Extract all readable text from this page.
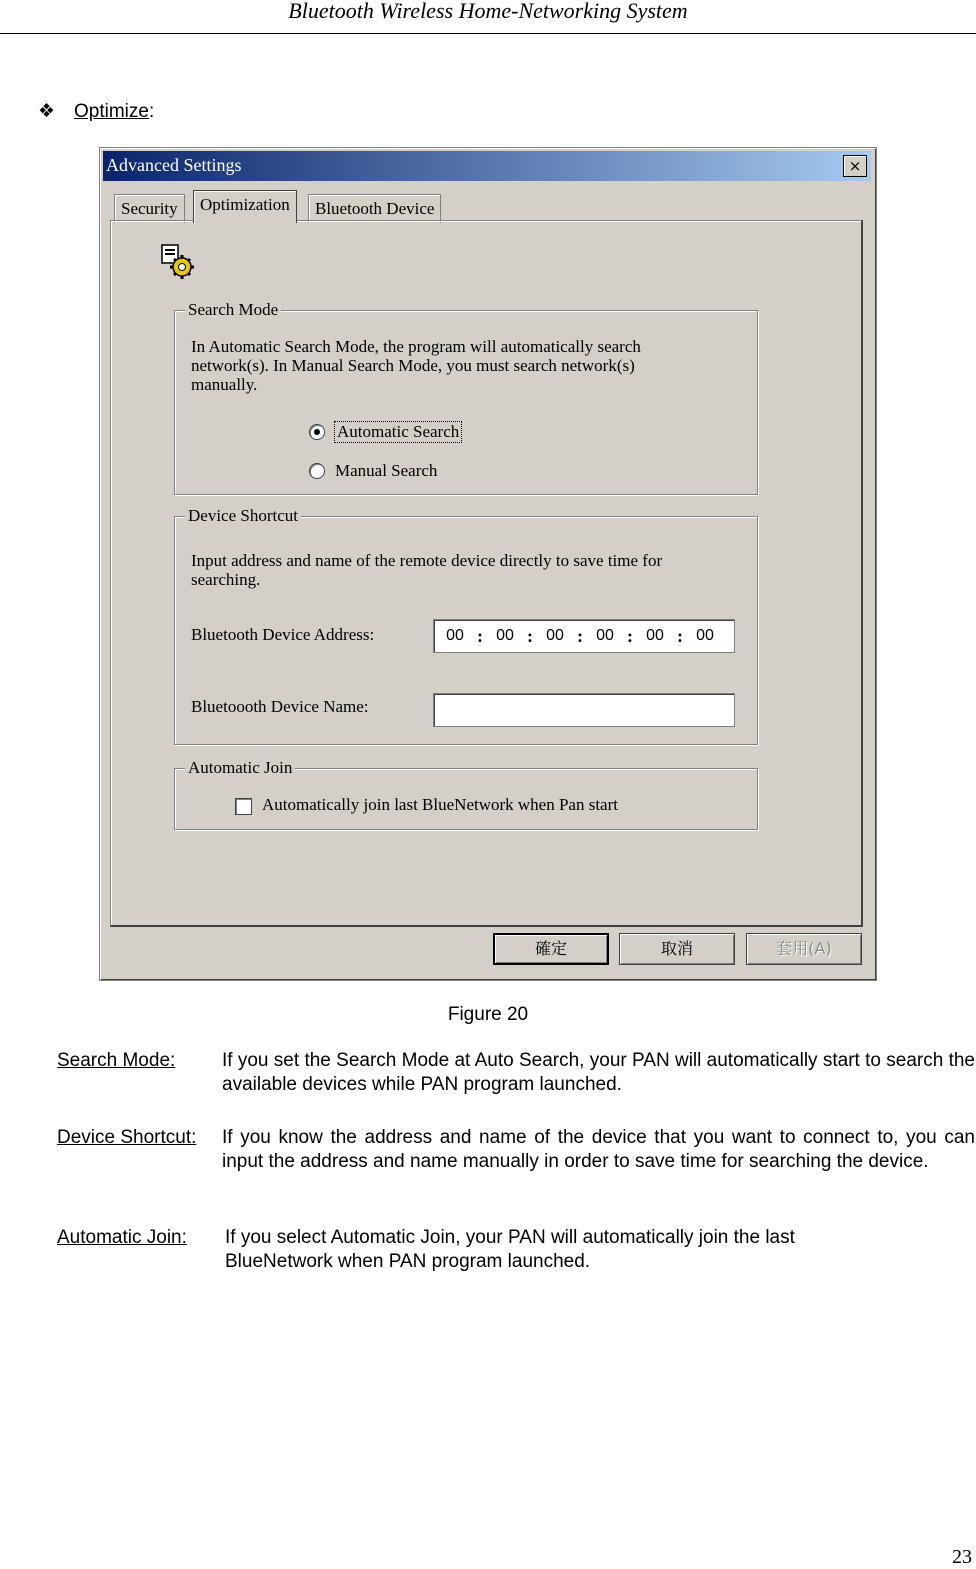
Bluetooth Wireless Home-Networking System
❖ Optimize:
Advanced Settings	×
Security	Optimization	Bluetooth Device
Search Mode
In Automatic Search Mode, the program will automatically search network(s). In Manual Search Mode, you must search network(s) manually.
Automatic Search
Manual Search
Device Shortcut
Input address and name of the remote device directly to save time for searching.
Bluetooth Device Address:	00 : 00 : 00 : 00 : 00 : 00
Bluetoooth Device Name:
Automatic Join
Automatically join last BlueNetwork when Pan start
確定	取消	套用(A)
Figure 20
Search Mode: If you set the Search Mode at Auto Search, your PAN will automatically start to search the available devices while PAN program launched.
Device Shortcut: If you know the address and name of the device that you want to connect to, you can input the address and name manually in order to save time for searching the device.
Automatic Join: If you select Automatic Join, your PAN will automatically join the last BlueNetwork when PAN program launched.
23
